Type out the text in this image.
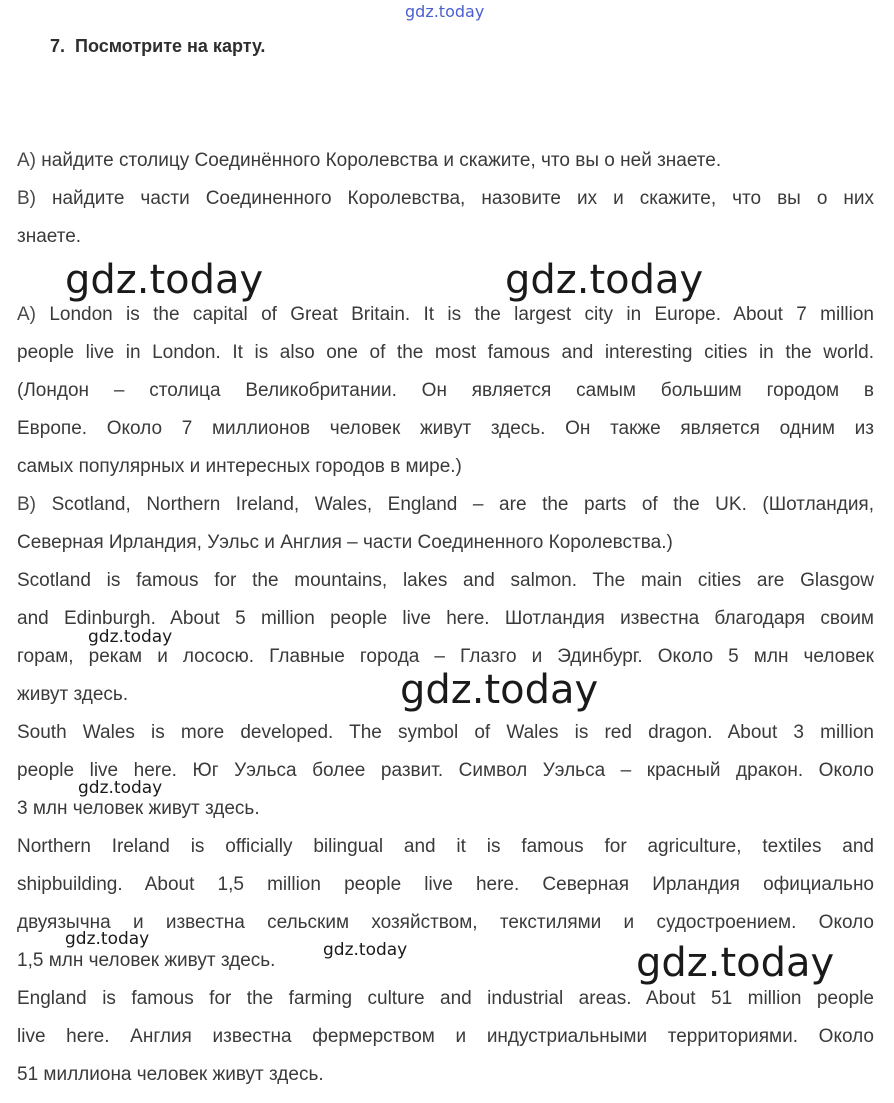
gdz.today
gdz.today	gdz.today
gdz.today
gdz.today
gdz.today
gdz.today
gdz.today	gdz.today
7. Посмотрите на карту.
A) найдите столицу Соединённого Королевства и скажите, что вы о ней знаете.
B) найдите части Соединенного Королевства, назовите их и скажите, что вы о них
знаете.
A) London is the capital of Great Britain. It is the largest city in Europe. About 7 million
people live in London. It is also one of the most famous and interesting cities in the world.
(Лондон – столица Великобритании. Он является самым большим городом в
Европе. Около 7 миллионов человек живут здесь. Он также является одним из
самых популярных и интересных городов в мире.)
B) Scotland, Northern Ireland, Wales, England – are the parts of the UK. (Шотландия,
Северная Ирландия, Уэльс и Англия – части Соединенного Королевства.)
Scotland is famous for the mountains, lakes and salmon. The main cities are Glasgow
and Edinburgh. About 5 million people live here. Шотландия известна благодаря своим
горам, рекам и лососю. Главные города – Глазго и Эдинбург. Около 5 млн человек
живут здесь.
South Wales is more developed. The symbol of Wales is red dragon. About 3 million
people live here. Юг Уэльса более развит. Символ Уэльса – красный дракон. Около
3 млн человек живут здесь.
Northern Ireland is officially bilingual and it is famous for agriculture, textiles and
shipbuilding. About 1,5 million people live here. Северная Ирландия официально
двуязычна и известна сельским хозяйством, текстилями и судостроением. Около
1,5 млн человек живут здесь.
England is famous for the farming culture and industrial areas. About 51 million people
live here. Англия известна фермерством и индустриальными территориями. Около
51 миллиона человек живут здесь.
